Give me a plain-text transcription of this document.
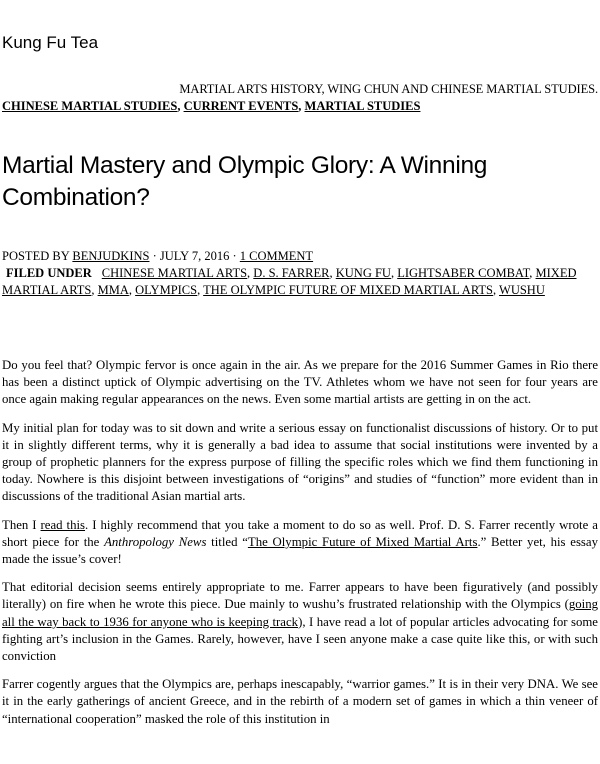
Kung Fu Tea
MARTIAL ARTS HISTORY, WING CHUN AND CHINESE MARTIAL STUDIES.
CHINESE MARTIAL STUDIES, CURRENT EVENTS, MARTIAL STUDIES
Martial Mastery and Olympic Glory: A Winning Combination?
POSTED BY BENJUDKINS · JULY 7, 2016 · 1 COMMENT
FILED UNDER CHINESE MARTIAL ARTS, D. S. FARRER, KUNG FU, LIGHTSABER COMBAT, MIXED MARTIAL ARTS, MMA, OLYMPICS, THE OLYMPIC FUTURE OF MIXED MARTIAL ARTS, WUSHU

Do you feel that? Olympic fervor is once again in the air. As we prepare for the 2016 Summer Games in Rio there has been a distinct uptick of Olympic advertising on the TV. Athletes whom we have not seen for four years are once again making regular appearances on the news. Even some martial artists are getting in on the act.

My initial plan for today was to sit down and write a serious essay on functionalist discussions of history. Or to put it in slightly different terms, why it is generally a bad idea to assume that social institutions were invented by a group of prophetic planners for the express purpose of filling the specific roles which we find them functioning in today. Nowhere is this disjoint between investigations of “origins” and studies of “function” more evident than in discussions of the traditional Asian martial arts.

Then I read this. I highly recommend that you take a moment to do so as well. Prof. D. S. Farrer recently wrote a short piece for the Anthropology News titled “The Olympic Future of Mixed Martial Arts.” Better yet, his essay made the issue’s cover!

That editorial decision seems entirely appropriate to me. Farrer appears to have been figuratively (and possibly literally) on fire when he wrote this piece. Due mainly to wushu’s frustrated relationship with the Olympics (going all the way back to 1936 for anyone who is keeping track), I have read a lot of popular articles advocating for some fighting art’s inclusion in the Games. Rarely, however, have I seen anyone make a case quite like this, or with such conviction

Farrer cogently argues that the Olympics are, perhaps inescapably, “warrior games.” It is in their very DNA. We see it in the early gatherings of ancient Greece, and in the rebirth of a modern set of games in which a thin veneer of “international cooperation” masked the role of this institution in
